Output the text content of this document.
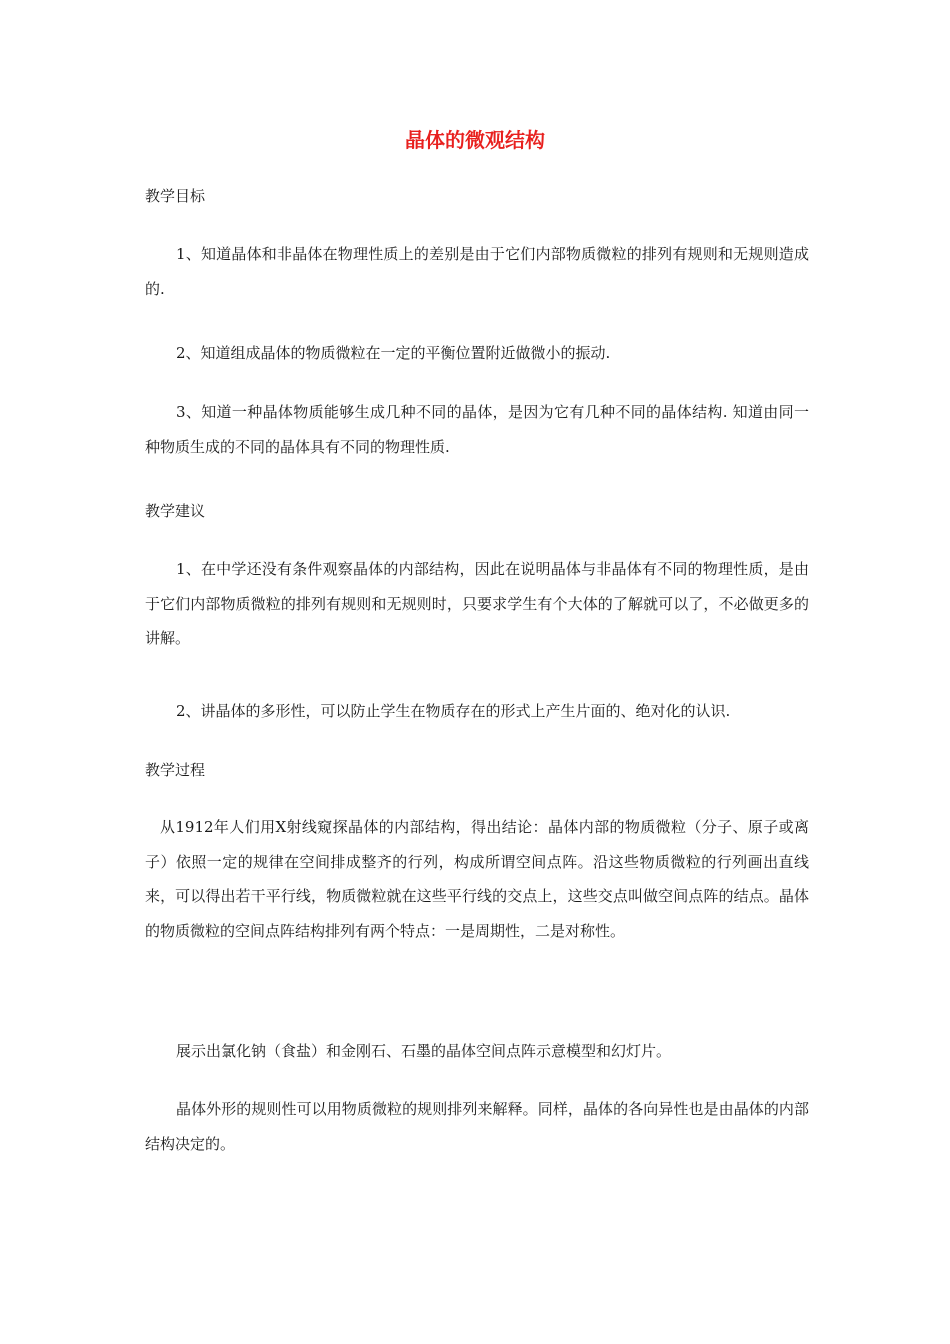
晶体的微观结构
教学目标

1、知道晶体和非晶体在物理性质上的差别是由于它们内部物质微粒的排列有规则和无规则造成的.

2、知道组成晶体的物质微粒在一定的平衡位置附近做微小的振动.

3、知道一种晶体物质能够生成几种不同的晶体，是因为它有几种不同的晶体结构. 知道由同一种物质生成的不同的晶体具有不同的物理性质.

教学建议

1、在中学还没有条件观察晶体的内部结构，因此在说明晶体与非晶体有不同的物理性质，是由于它们内部物质微粒的排列有规则和无规则时，只要求学生有个大体的了解就可以了，不必做更多的讲解。

2、讲晶体的多形性，可以防止学生在物质存在的形式上产生片面的、绝对化的认识.

教学过程

从1912年人们用X射线窥探晶体的内部结构，得出结论：晶体内部的物质微粒（分子、原子或离子）依照一定的规律在空间排成整齐的行列，构成所谓空间点阵。沿这些物质微粒的行列画出直线来，可以得出若干平行线，物质微粒就在这些平行线的交点上，这些交点叫做空间点阵的结点。晶体的物质微粒的空间点阵结构排列有两个特点：一是周期性，二是对称性。

展示出氯化钠（食盐）和金刚石、石墨的晶体空间点阵示意模型和幻灯片。

晶体外形的规则性可以用物质微粒的规则排列来解释。同样，晶体的各向异性也是由晶体的内部结构决定的。
